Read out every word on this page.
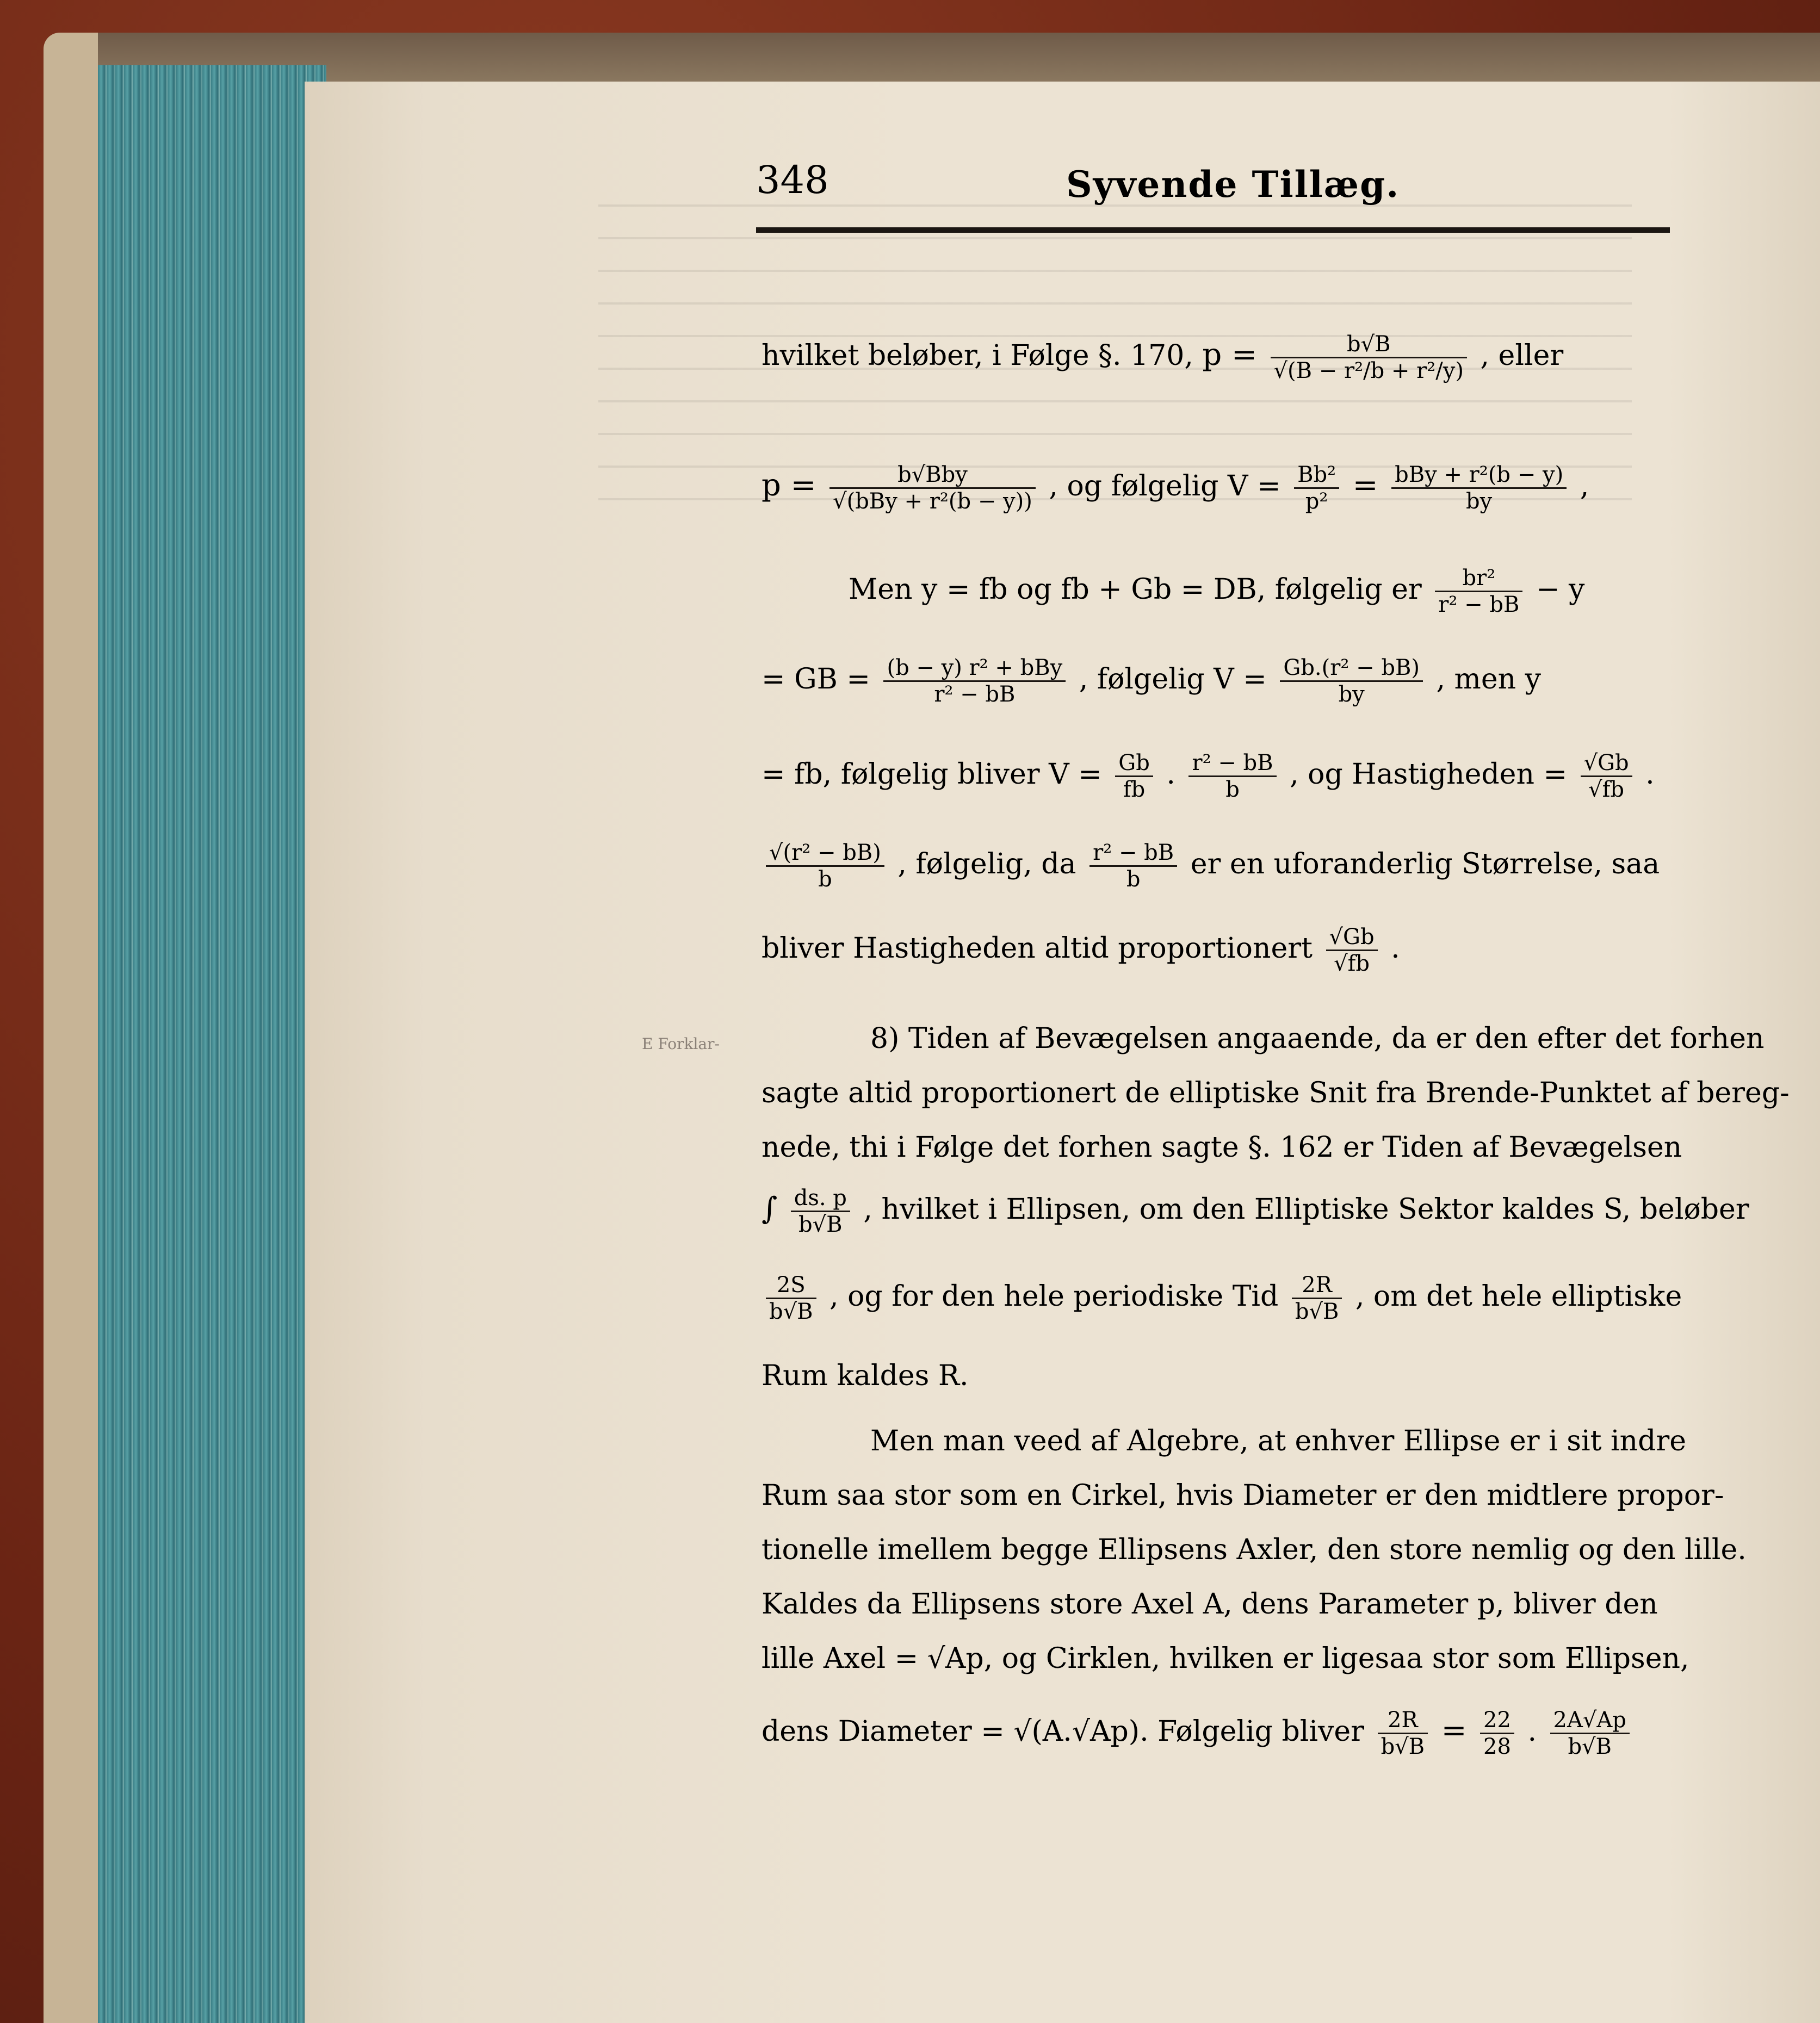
348	Syvende Tillæg.
hvilket beløber, i Følge §. 170, $p = \frac{b√B}{\text{√(B − r²/b + r²/y)}}$ , eller
$p = \frac{\text{b√Bby}}{\text{√(bBy + r²(b − y))}}$ , og følgelig $V = \frac{\text{Bb²}}{\text{p²}} = \frac{\text{bBy + r²(b − y)}}{by}$ ,
Men y = fb og fb + Gb = DB, følgelig er $\frac{\text{br²}}{\text{r² − bB}} - y$
= GB = $\frac{\text{(b − y) r² + bBy}}{\text{r² − bB}}$ , følgelig $V = \frac{\text{Gb.(r² − bB)}}{by}$ , men y
= fb, følgelig bliver $V = \frac{Gb}{fb}$ . $\frac{\text{r² − bB}}{b}$ , og Hastigheden = $\frac{√Gb}{√fb}$ .
$\frac{\text{√(r² − bB)}}{b}$ , følgelig, da $\frac{\text{r² − bB}}{b}$ er en uforanderlig Størrelse, saa
bliver Hastigheden altid proportionert $\frac{√Gb}{√fb}$ .
8) Tiden af Bevægelsen angaaende, da er den efter det forhen
sagte altid proportionert de elliptiske Snit fra Brende-Punktet af bereg-
nede, thi i Følge det forhen sagte §. 162 er Tiden af Bevægelsen
∫ $\frac{ds. p}{b√B}$ , hvilket i Ellipsen, om den Elliptiske Sektor kaldes S, beløber
$\frac{2S}{b√B}$ , og for den hele periodiske Tid $\frac{2R}{b√B}$ , om det hele elliptiske
Rum kaldes R.
Men man veed af Algebre, at enhver Ellipse er i sit indre
Rum saa stor som en Cirkel, hvis Diameter er den midtlere propor-
tionelle imellem begge Ellipsens Axler, den store nemlig og den lille.
Kaldes da Ellipsens store Axel A, dens Parameter p, bliver den
lille Axel = √Ap, og Cirklen, hvilken er ligesaa stor som Ellipsen,
dens Diameter = √(A.√Ap). Følgelig bliver $\frac{2R}{b√B} = \frac{22}{28}$ . $\frac{2A√Ap}{b√B}$
E Forklar-
